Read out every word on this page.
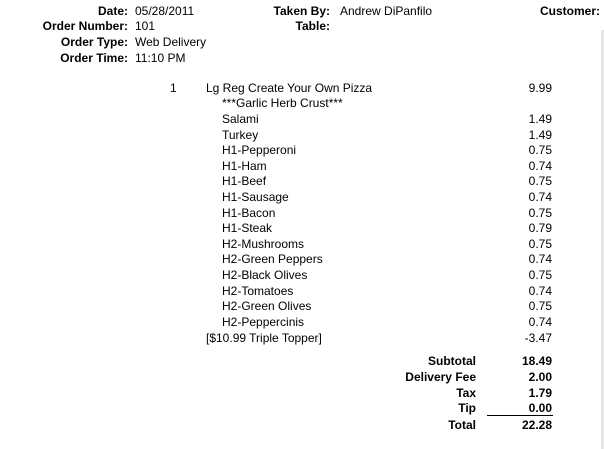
Date: 05/28/2011	Taken By: Andrew DiPanfilo	Customer:
Order Number: 101	Table:
Order Type: Web Delivery
Order Time: 11:10 PM
1 Lg Reg Create Your Own Pizza	9.99
***Garlic Herb Crust***
Salami	1.49
Turkey	1.49
H1-Pepperoni	0.75
H1-Ham	0.74
H1-Beef	0.75
H1-Sausage	0.74
H1-Bacon	0.75
H1-Steak	0.79
H2-Mushrooms	0.75
H2-Green Peppers	0.74
H2-Black Olives	0.75
H2-Tomatoes	0.74
H2-Green Olives	0.75
H2-Peppercinis	0.74
[$10.99 Triple Topper]	-3.47
Subtotal	18.49
Delivery Fee	2.00
Tax	1.79
Tip	0.00
Total	22.28
